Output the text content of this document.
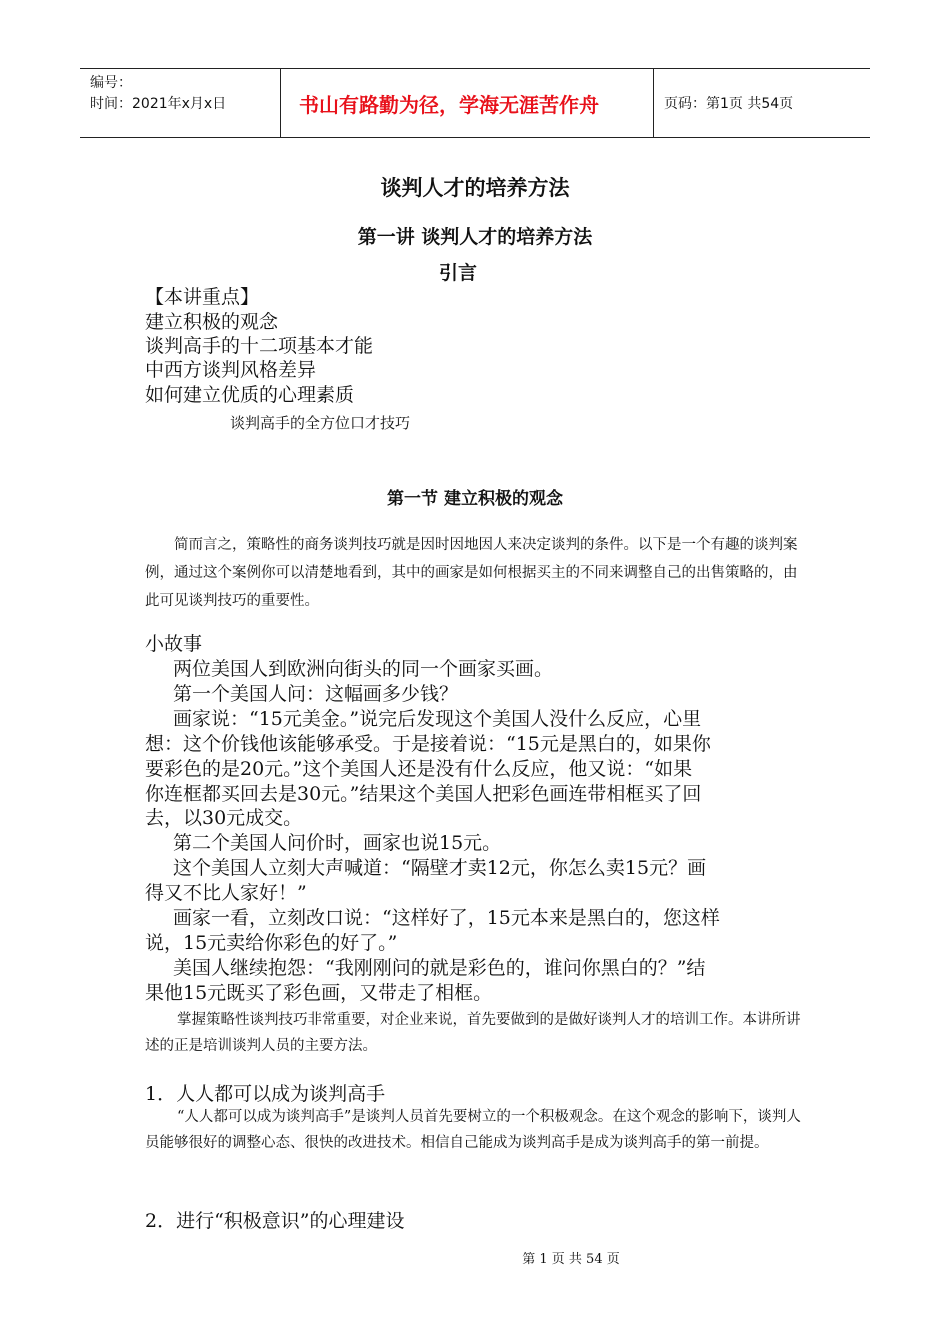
编号：
时间：2021年x月x日	书山有路勤为径，学海无涯苦作舟	页码：第1页 共54页
谈判人才的培养方法
第一讲 谈判人才的培养方法
引言
【本讲重点】
建立积极的观念
谈判高手的十二项基本才能
中西方谈判风格差异
如何建立优质的心理素质
谈判高手的全方位口才技巧
第一节 建立积极的观念
简而言之，策略性的商务谈判技巧就是因时因地因人来决定谈判的条件。以下是一个有趣的谈判案例，通过这个案例你可以清楚地看到，其中的画家是如何根据买主的不同来调整自己的出售策略的，由此可见谈判技巧的重要性。
小故事
两位美国人到欧洲向街头的同一个画家买画。
第一个美国人问：这幅画多少钱？
画家说：“15元美金。”说完后发现这个美国人没什么反应，心里
想：这个价钱他该能够承受。于是接着说：“15元是黑白的，如果你
要彩色的是20元。”这个美国人还是没有什么反应，他又说：“如果
你连框都买回去是30元。”结果这个美国人把彩色画连带相框买了回
去，以30元成交。
第二个美国人问价时，画家也说15元。
这个美国人立刻大声喊道：“隔壁才卖12元，你怎么卖15元？画
得又不比人家好！”
画家一看，立刻改口说：“这样好了，15元本来是黑白的，您这样
说，15元卖给你彩色的好了。”
美国人继续抱怨：“我刚刚问的就是彩色的，谁问你黑白的？”结
果他15元既买了彩色画，又带走了相框。
掌握策略性谈判技巧非常重要，对企业来说，首先要做到的是做好谈判人才的培训工作。本讲所讲述的正是培训谈判人员的主要方法。
1．人人都可以成为谈判高手
“人人都可以成为谈判高手”是谈判人员首先要树立的一个积极观念。在这个观念的影响下，谈判人员能够很好的调整心态、很快的改进技术。相信自己能成为谈判高手是成为谈判高手的第一前提。
2．进行“积极意识”的心理建设
第 1 页 共 54 页
